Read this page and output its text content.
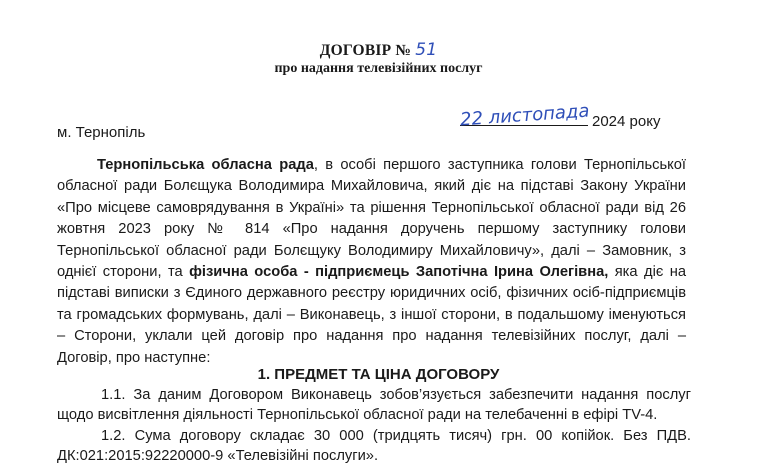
ДОГОВІР № 51
про надання телевізійних послуг
м. Тернопіль
22 листопада 2024 року
Тернопільська обласна рада, в особі першого заступника голови Тернопільської обласної ради Болєщука Володимира Михайловича, який діє на підставі Закону України «Про місцеве самоврядування в Україні» та рішення Тернопільської обласної ради від 26 жовтня 2023 року № 814 «Про надання доручень першому заступнику голови Тернопільської обласної ради Болєщуку Володимиру Михайловичу», далі – Замовник, з однієї сторони, та фізична особа - підприємець Запотічна Ірина Олегівна, яка діє на підставі виписки з Єдиного державного реєстру юридичних осіб, фізичних осіб-підприємців та громадських формувань, далі – Виконавець, з іншої сторони, в подальшому іменуються – Сторони, уклали цей договір про надання про надання телевізійних послуг, далі – Договір, про наступне:
1. ПРЕДМЕТ ТА ЦІНА ДОГОВОРУ
1.1. За даним Договором Виконавець зобов’язується забезпечити надання послуг щодо висвітлення діяльності Тернопільської обласної ради на телебаченні в ефірі TV-4.
1.2. Сума договору складає 30 000 (тридцять тисяч) грн. 00 копійок. Без ПДВ. ДК:021:2015:92220000-9 «Телевізійні послуги».
